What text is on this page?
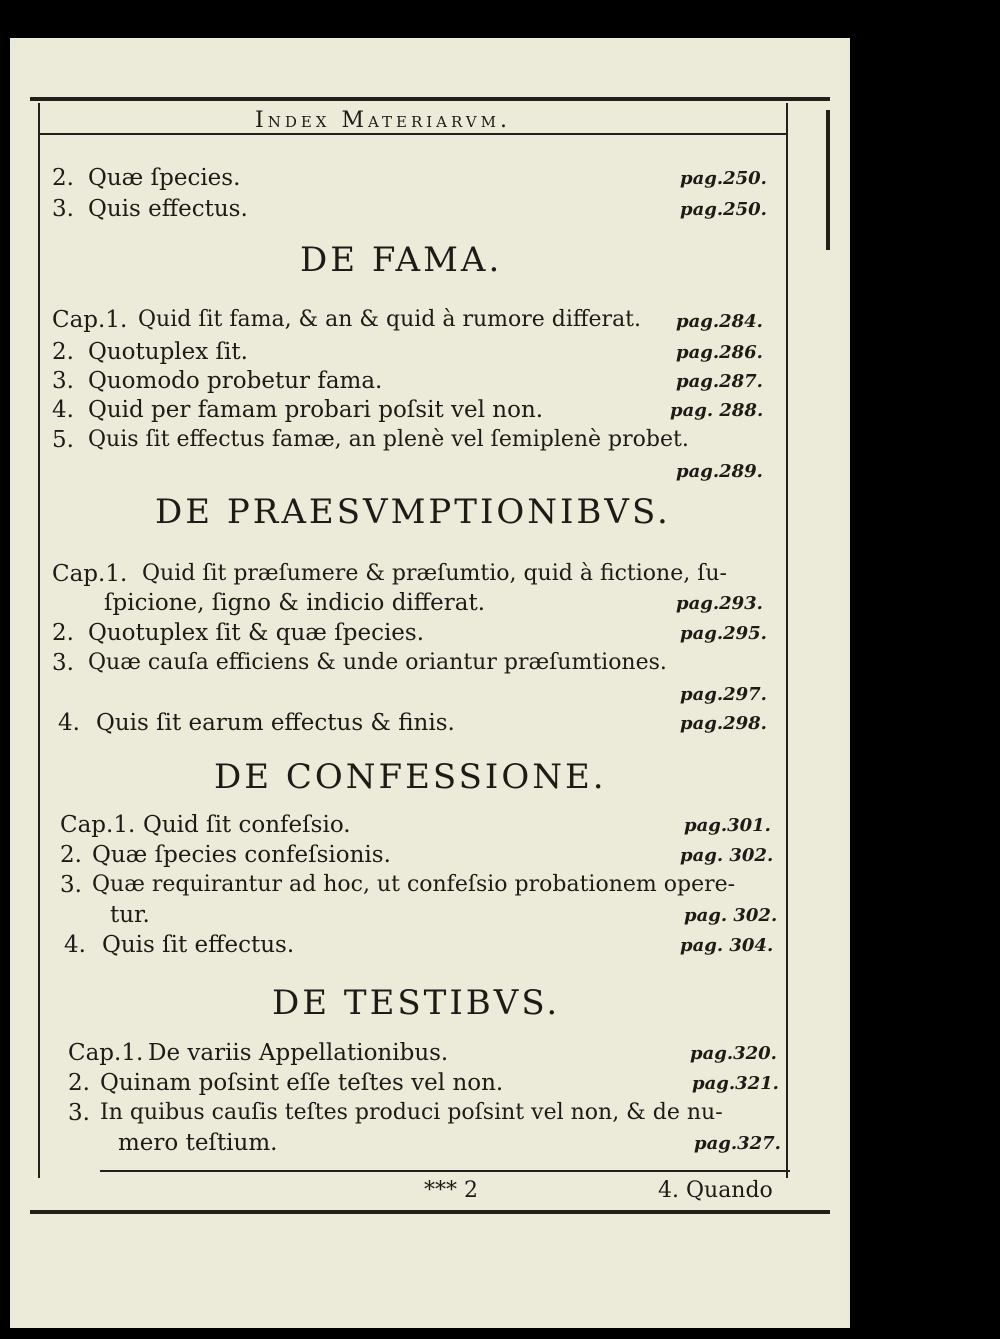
Index Materiarvm.
2. Quæ ſpecies.	pag.250.
3. Quis effectus.	pag.250.
DE FAMA.
Cap.1. Quid ſit fama, & an & quid à rumore differat. pag.284.
2. Quotuplex ſit.	pag.286.
3. Quomodo probetur fama.	pag.287.
4. Quid per famam probari poſsit vel non.	pag. 288.
5. Quis ſit effectus famæ, an plenè vel ſemiplenè probet.
pag.289.
DE PRAESVMPTIONIBVS.
Cap.1. Quid ſit præſumere & præſumtio, quid à fictione, ſu-
ſpicione, ſigno & indicio differat.	pag.293.
2. Quotuplex ſit & quæ ſpecies.	pag.295.
3. Quæ cauſa efficiens & unde oriantur præſumtiones.
pag.297.
4. Quis ſit earum effectus & finis.	pag.298.
DE CONFESSIONE.
Cap.1. Quid ſit confeſsio.	pag.301.
2. Quæ ſpecies confeſsionis.	pag. 302.
3. Quæ requirantur ad hoc, ut confeſsio probationem opere-
tur.	pag. 302.
4. Quis ſit effectus.	pag. 304.
DE TESTIBVS.
Cap.1. De variis Appellationibus.	pag.320.
2. Quinam poſsint eſſe teſtes vel non.	pag.321.
3. In quibus cauſis teſtes produci poſsint vel non, & de nu-
mero teſtium.	pag.327.
*** 2	4. Quando
